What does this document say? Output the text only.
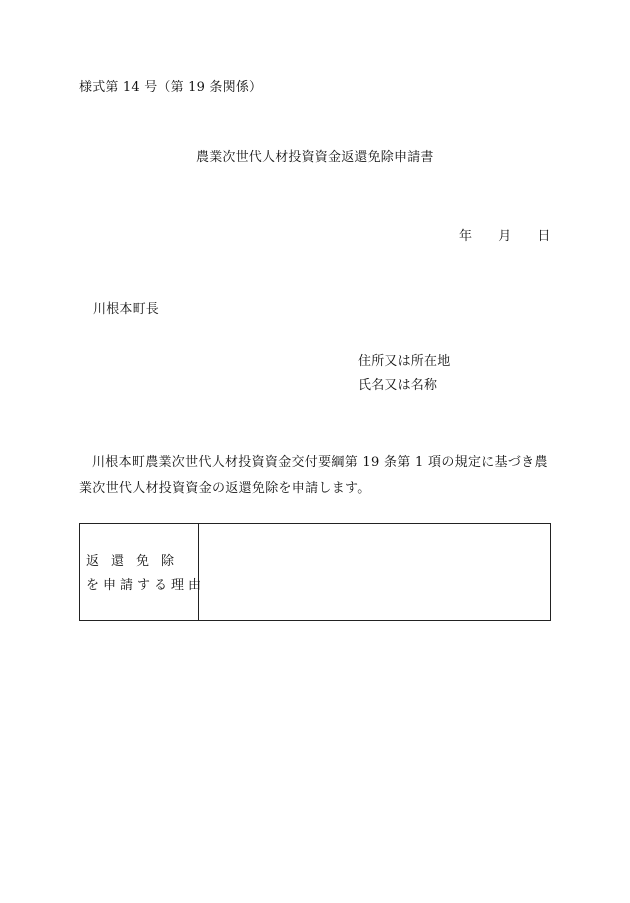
様式第 14 号（第 19 条関係）
農業次世代人材投資資金返還免除申請書
年 月 日
川根本町長
住所又は所在地
氏名又は名称
川根本町農業次世代人材投資資金交付要綱第 19 条第 1 項の規定に基づき農
業次世代人材投資資金の返還免除を申請します。
返還免除
を申請する理由
